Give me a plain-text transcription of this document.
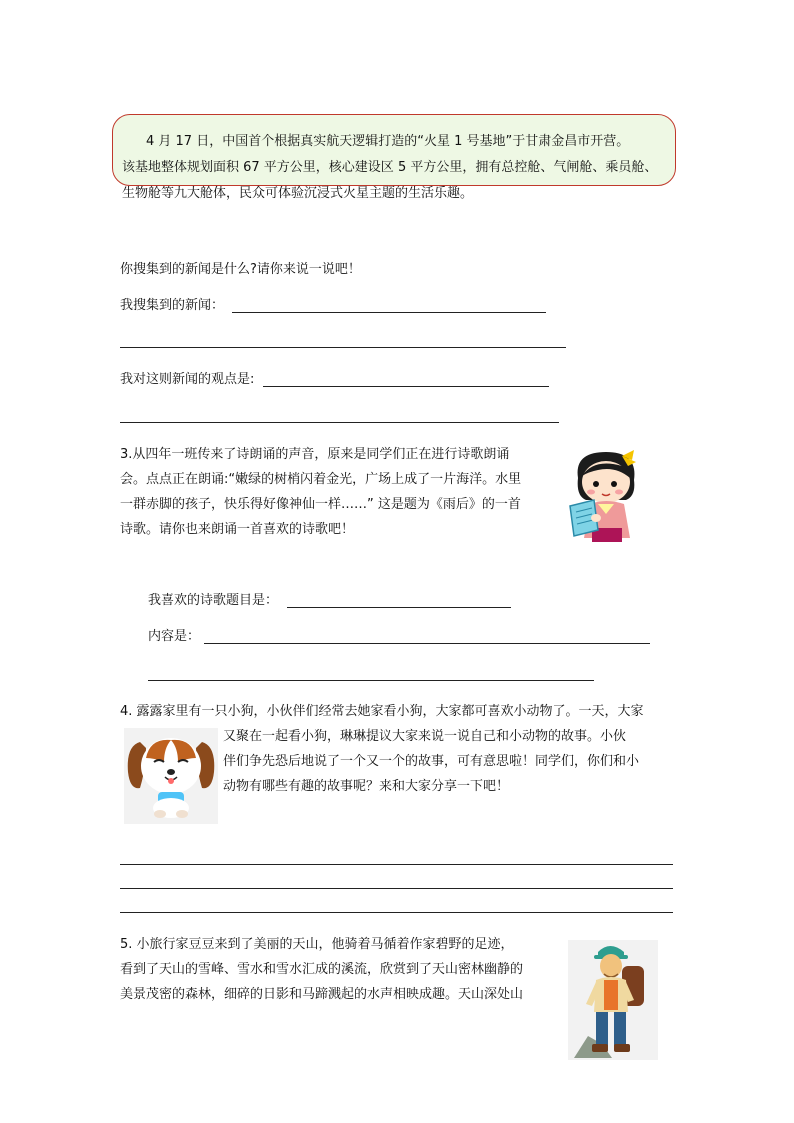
4 月 17 日，中国首个根据真实航天逻辑打造的“火星 1 号基地”于甘肃金昌市开营。
该基地整体规划面积 67 平方公里，核心建设区 5 平方公里，拥有总控舱、气闸舱、乘员舱、
生物舱等九大舱体，民众可体验沉浸式火星主题的生活乐趣。
你搜集到的新闻是什么?请你来说一说吧！
我搜集到的新闻：
我对这则新闻的观点是:
3.从四年一班传来了诗朗诵的声音，原来是同学们正在进行诗歌朗诵
会。点点正在朗诵:“嫩绿的树梢闪着金光，广场上成了一片海洋。水里
一群赤脚的孩子，快乐得好像神仙一样……” 这是题为《雨后》的一首
诗歌。请你也来朗诵一首喜欢的诗歌吧！
我喜欢的诗歌题目是：
内容是：
4. 露露家里有一只小狗，小伙伴们经常去她家看小狗，大家都可喜欢小动物了。一天，大家
又聚在一起看小狗，琳琳提议大家来说一说自己和小动物的故事。小伙
伴们争先恐后地说了一个又一个的故事，可有意思啦！同学们，你们和小
动物有哪些有趣的故事呢？来和大家分享一下吧！
5. 小旅行家豆豆来到了美丽的天山，他骑着马循着作家碧野的足迹，
看到了天山的雪峰、雪水和雪水汇成的溪流，欣赏到了天山密林幽静的
美景茂密的森林，细碎的日影和马蹄溅起的水声相映成趣。天山深处山
